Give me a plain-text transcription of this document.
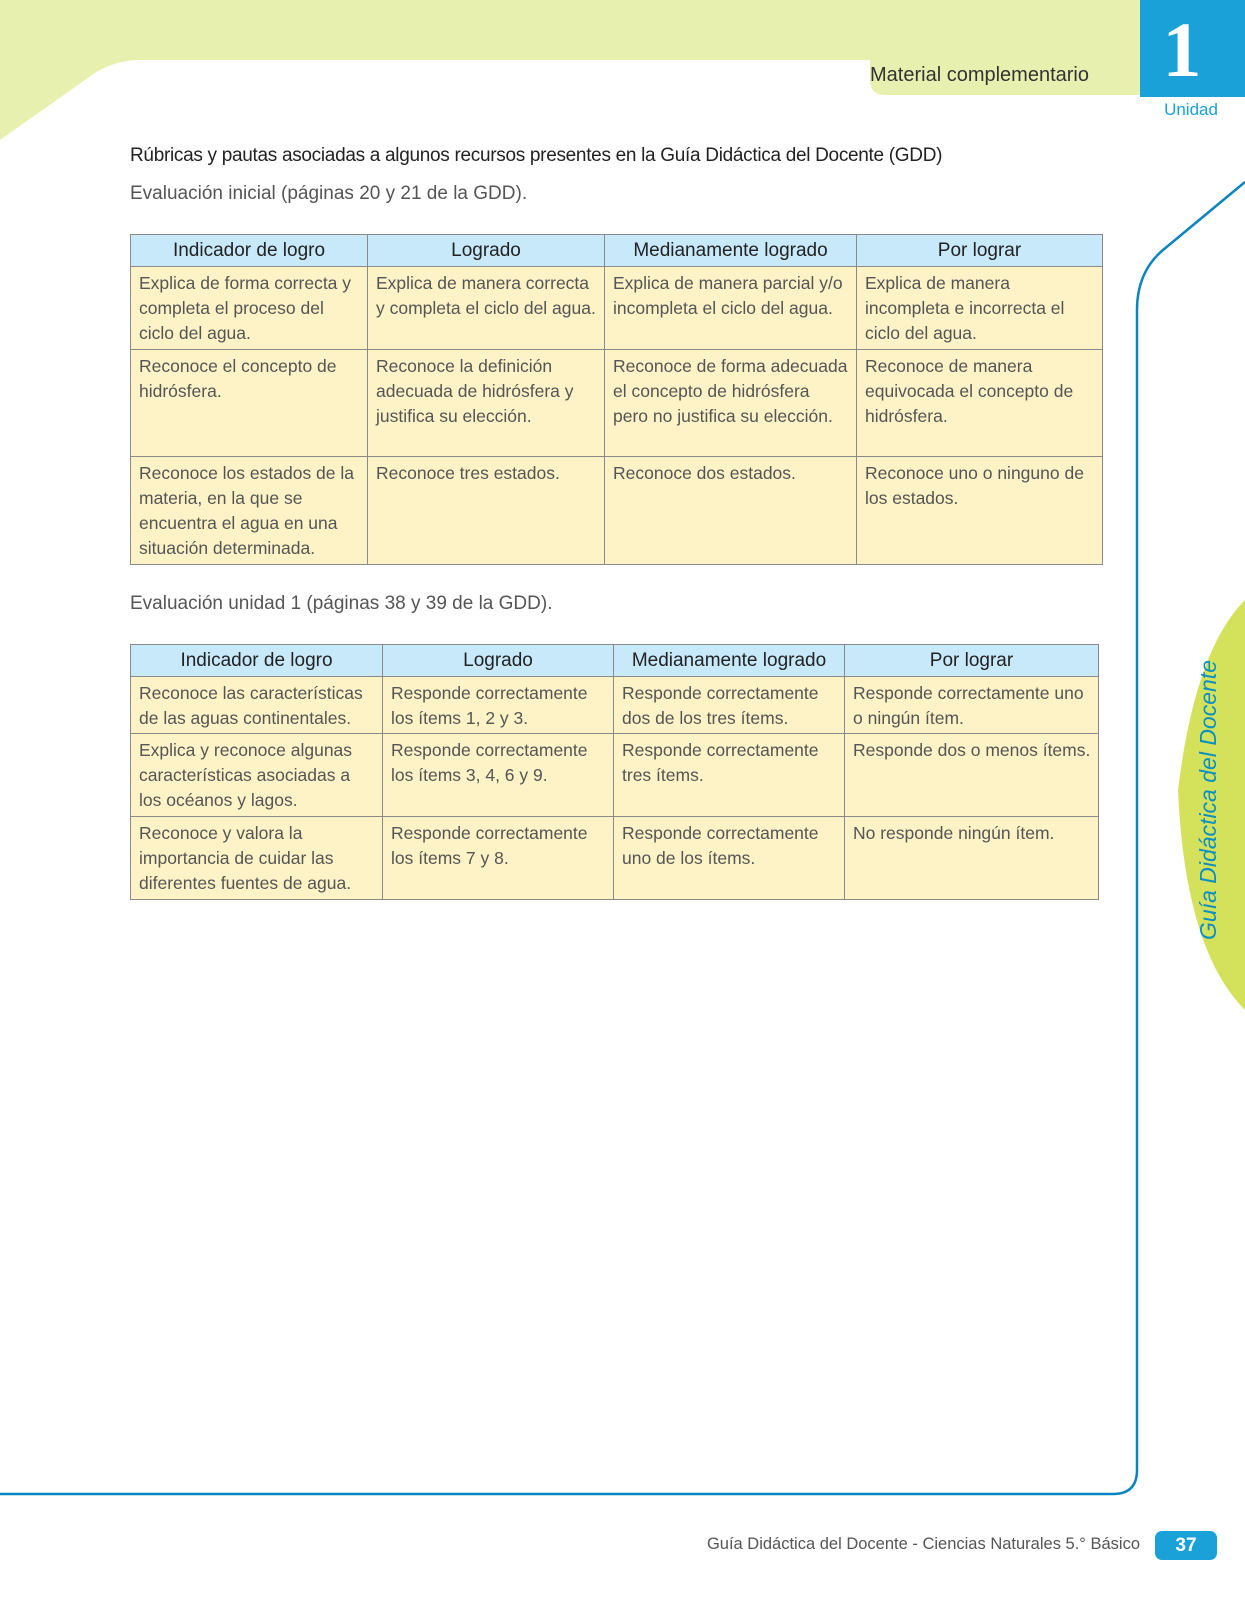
Material complementario 1
Unidad
Guía Didáctica del Docente
Rúbricas y pautas asociadas a algunos recursos presentes en la Guía Didáctica del Docente (GDD)
Evaluación inicial (páginas 20 y 21 de la GDD).
Indicador de logro	Logrado	Medianamente logrado	Por lograr
Explica de forma correcta y completa el proceso del ciclo del agua.	Explica de manera correcta y completa el ciclo del agua.	Explica de manera parcial y/o incompleta el ciclo del agua.	Explica de manera incompleta e incorrecta el ciclo del agua.
Reconoce el concepto de hidrósfera.	Reconoce la definición adecuada de hidrósfera y justifica su elección.	Reconoce de forma adecuada el concepto de hidrósfera pero no justifica su elección.	Reconoce de manera equivocada el concepto de hidrósfera.
Reconoce los estados de la materia, en la que se encuentra el agua en una situación determinada.	Reconoce tres estados.	Reconoce dos estados.	Reconoce uno o ninguno de los estados.
Evaluación unidad 1 (páginas 38 y 39 de la GDD).
Indicador de logro	Logrado	Medianamente logrado	Por lograr
Reconoce las características de las aguas continentales.	Responde correctamente los ítems 1, 2 y 3.	Responde correctamente dos de los tres ítems.	Responde correctamente uno o ningún ítem.
Explica y reconoce algunas características asociadas a los océanos y lagos.	Responde correctamente los ítems 3, 4, 6 y 9.	Responde correctamente tres ítems.	Responde dos o menos ítems.
Reconoce y valora la importancia de cuidar las diferentes fuentes de agua.	Responde correctamente los ítems 7 y 8.	Responde correctamente uno de los ítems.	No responde ningún ítem.
Guía Didáctica del Docente - Ciencias Naturales 5.° Básico	37
